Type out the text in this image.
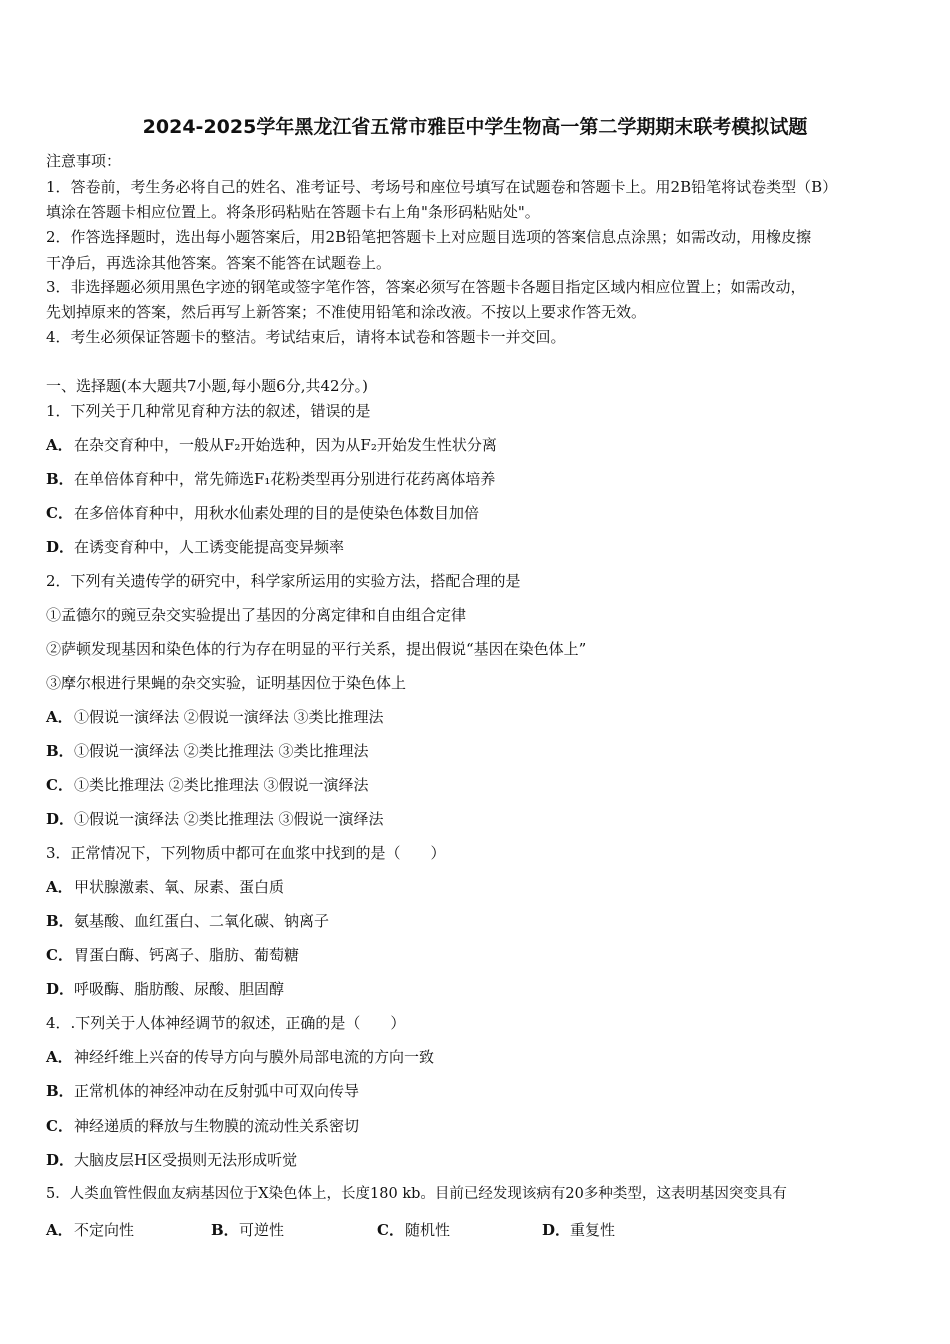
2024-2025学年黑龙江省五常市雅臣中学生物高一第二学期期末联考模拟试题
注意事项：
1．答卷前，考生务必将自己的姓名、准考证号、考场号和座位号填写在试题卷和答题卡上。用2B铅笔将试卷类型（B）
填涂在答题卡相应位置上。将条形码粘贴在答题卡右上角"条形码粘贴处"。
2．作答选择题时，选出每小题答案后，用2B铅笔把答题卡上对应题目选项的答案信息点涂黑；如需改动，用橡皮擦
干净后，再选涂其他答案。答案不能答在试题卷上。
3．非选择题必须用黑色字迹的钢笔或签字笔作答，答案必须写在答题卡各题目指定区域内相应位置上；如需改动，
先划掉原来的答案，然后再写上新答案；不准使用铅笔和涂改液。不按以上要求作答无效。
4．考生必须保证答题卡的整洁。考试结束后，请将本试卷和答题卡一并交回。
一、选择题(本大题共7小题,每小题6分,共42分。)
1．下列关于几种常见育种方法的叙述，错误的是
A．在杂交育种中，一般从F₂开始选种，因为从F₂开始发生性状分离
B．在单倍体育种中，常先筛选F₁花粉类型再分别进行花药离体培养
C．在多倍体育种中，用秋水仙素处理的目的是使染色体数目加倍
D．在诱变育种中，人工诱变能提高变异频率
2．下列有关遗传学的研究中，科学家所运用的实验方法，搭配合理的是
①孟德尔的豌豆杂交实验提出了基因的分离定律和自由组合定律
②萨顿发现基因和染色体的行为存在明显的平行关系，提出假说“基因在染色体上”
③摩尔根进行果蝇的杂交实验，证明基因位于染色体上
A．①假说一演绎法 ②假说一演绎法 ③类比推理法
B．①假说一演绎法 ②类比推理法 ③类比推理法
C．①类比推理法 ②类比推理法 ③假说一演绎法
D．①假说一演绎法 ②类比推理法 ③假说一演绎法
3．正常情况下，下列物质中都可在血浆中找到的是（　　）
A．甲状腺激素、氧、尿素、蛋白质
B．氨基酸、血红蛋白、二氧化碳、钠离子
C．胃蛋白酶、钙离子、脂肪、葡萄糖
D．呼吸酶、脂肪酸、尿酸、胆固醇
4．.下列关于人体神经调节的叙述，正确的是（　　）
A．神经纤维上兴奋的传导方向与膜外局部电流的方向一致
B．正常机体的神经冲动在反射弧中可双向传导
C．神经递质的释放与生物膜的流动性关系密切
D．大脑皮层H区受损则无法形成听觉
5．人类血管性假血友病基因位于X染色体上，长度180 kb。目前已经发现该病有20多种类型，这表明基因突变具有
A．不定向性	B．可逆性	C．随机性	D．重复性
